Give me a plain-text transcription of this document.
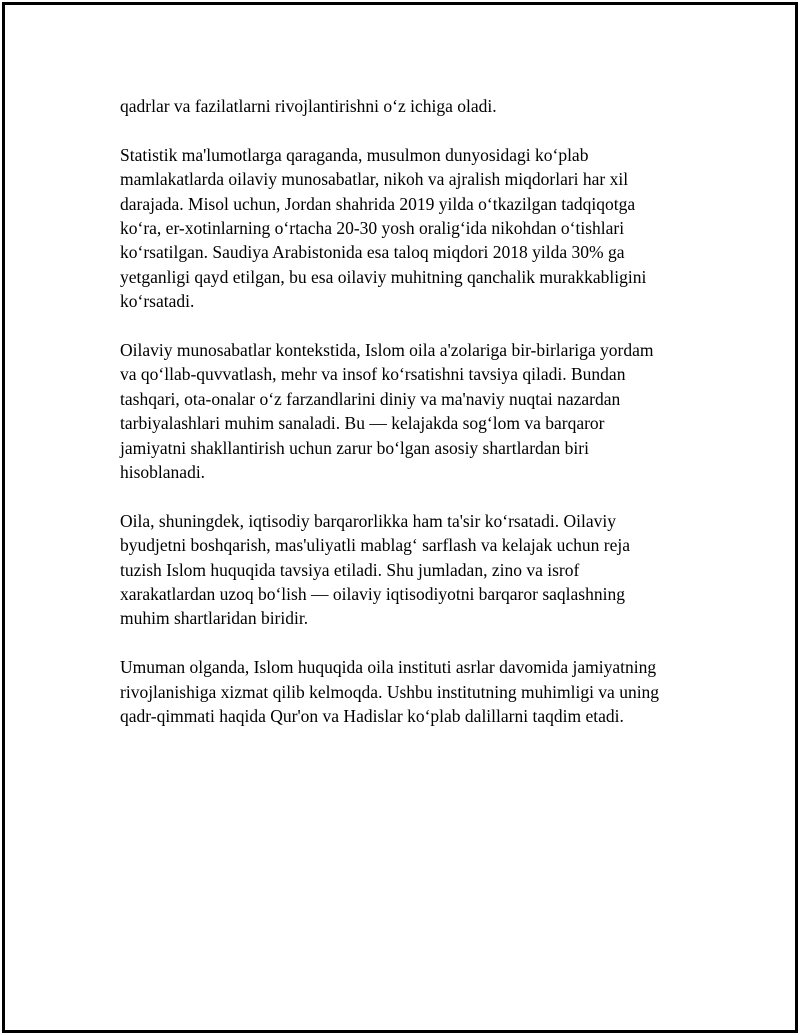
qadrlar va fazilatlarni rivojlantirishni o‘z ichiga oladi.

Statistik ma'lumotlarga qaraganda, musulmon dunyosidagi ko‘plab
mamlakatlarda oilaviy munosabatlar, nikoh va ajralish miqdorlari har xil
darajada. Misol uchun, Jordan shahrida 2019 yilda o‘tkazilgan tadqiqotga
ko‘ra, er-xotinlarning o‘rtacha 20-30 yosh oralig‘ida nikohdan o‘tishlari
ko‘rsatilgan. Saudiya Arabistonida esa taloq miqdori 2018 yilda 30% ga
yetganligi qayd etilgan, bu esa oilaviy muhitning qanchalik murakkabligini
ko‘rsatadi.

Oilaviy munosabatlar kontekstida, Islom oila a'zolariga bir-birlariga yordam
va qo‘llab-quvvatlash, mehr va insof ko‘rsatishni tavsiya qiladi. Bundan
tashqari, ota-onalar o‘z farzandlarini diniy va ma'naviy nuqtai nazardan
tarbiyalashlari muhim sanaladi. Bu — kelajakda sog‘lom va barqaror
jamiyatni shakllantirish uchun zarur bo‘lgan asosiy shartlardan biri
hisoblanadi.

Oila, shuningdek, iqtisodiy barqarorlikka ham ta'sir ko‘rsatadi. Oilaviy
byudjetni boshqarish, mas'uliyatli mablag‘ sarflash va kelajak uchun reja
tuzish Islom huquqida tavsiya etiladi. Shu jumladan, zino va isrof
xarakatlardan uzoq bo‘lish — oilaviy iqtisodiyotni barqaror saqlashning
muhim shartlaridan biridir.

Umuman olganda, Islom huquqida oila instituti asrlar davomida jamiyatning
rivojlanishiga xizmat qilib kelmoqda. Ushbu institutning muhimligi va uning
qadr-qimmati haqida Qur'on va Hadislar ko‘plab dalillarni taqdim etadi.
